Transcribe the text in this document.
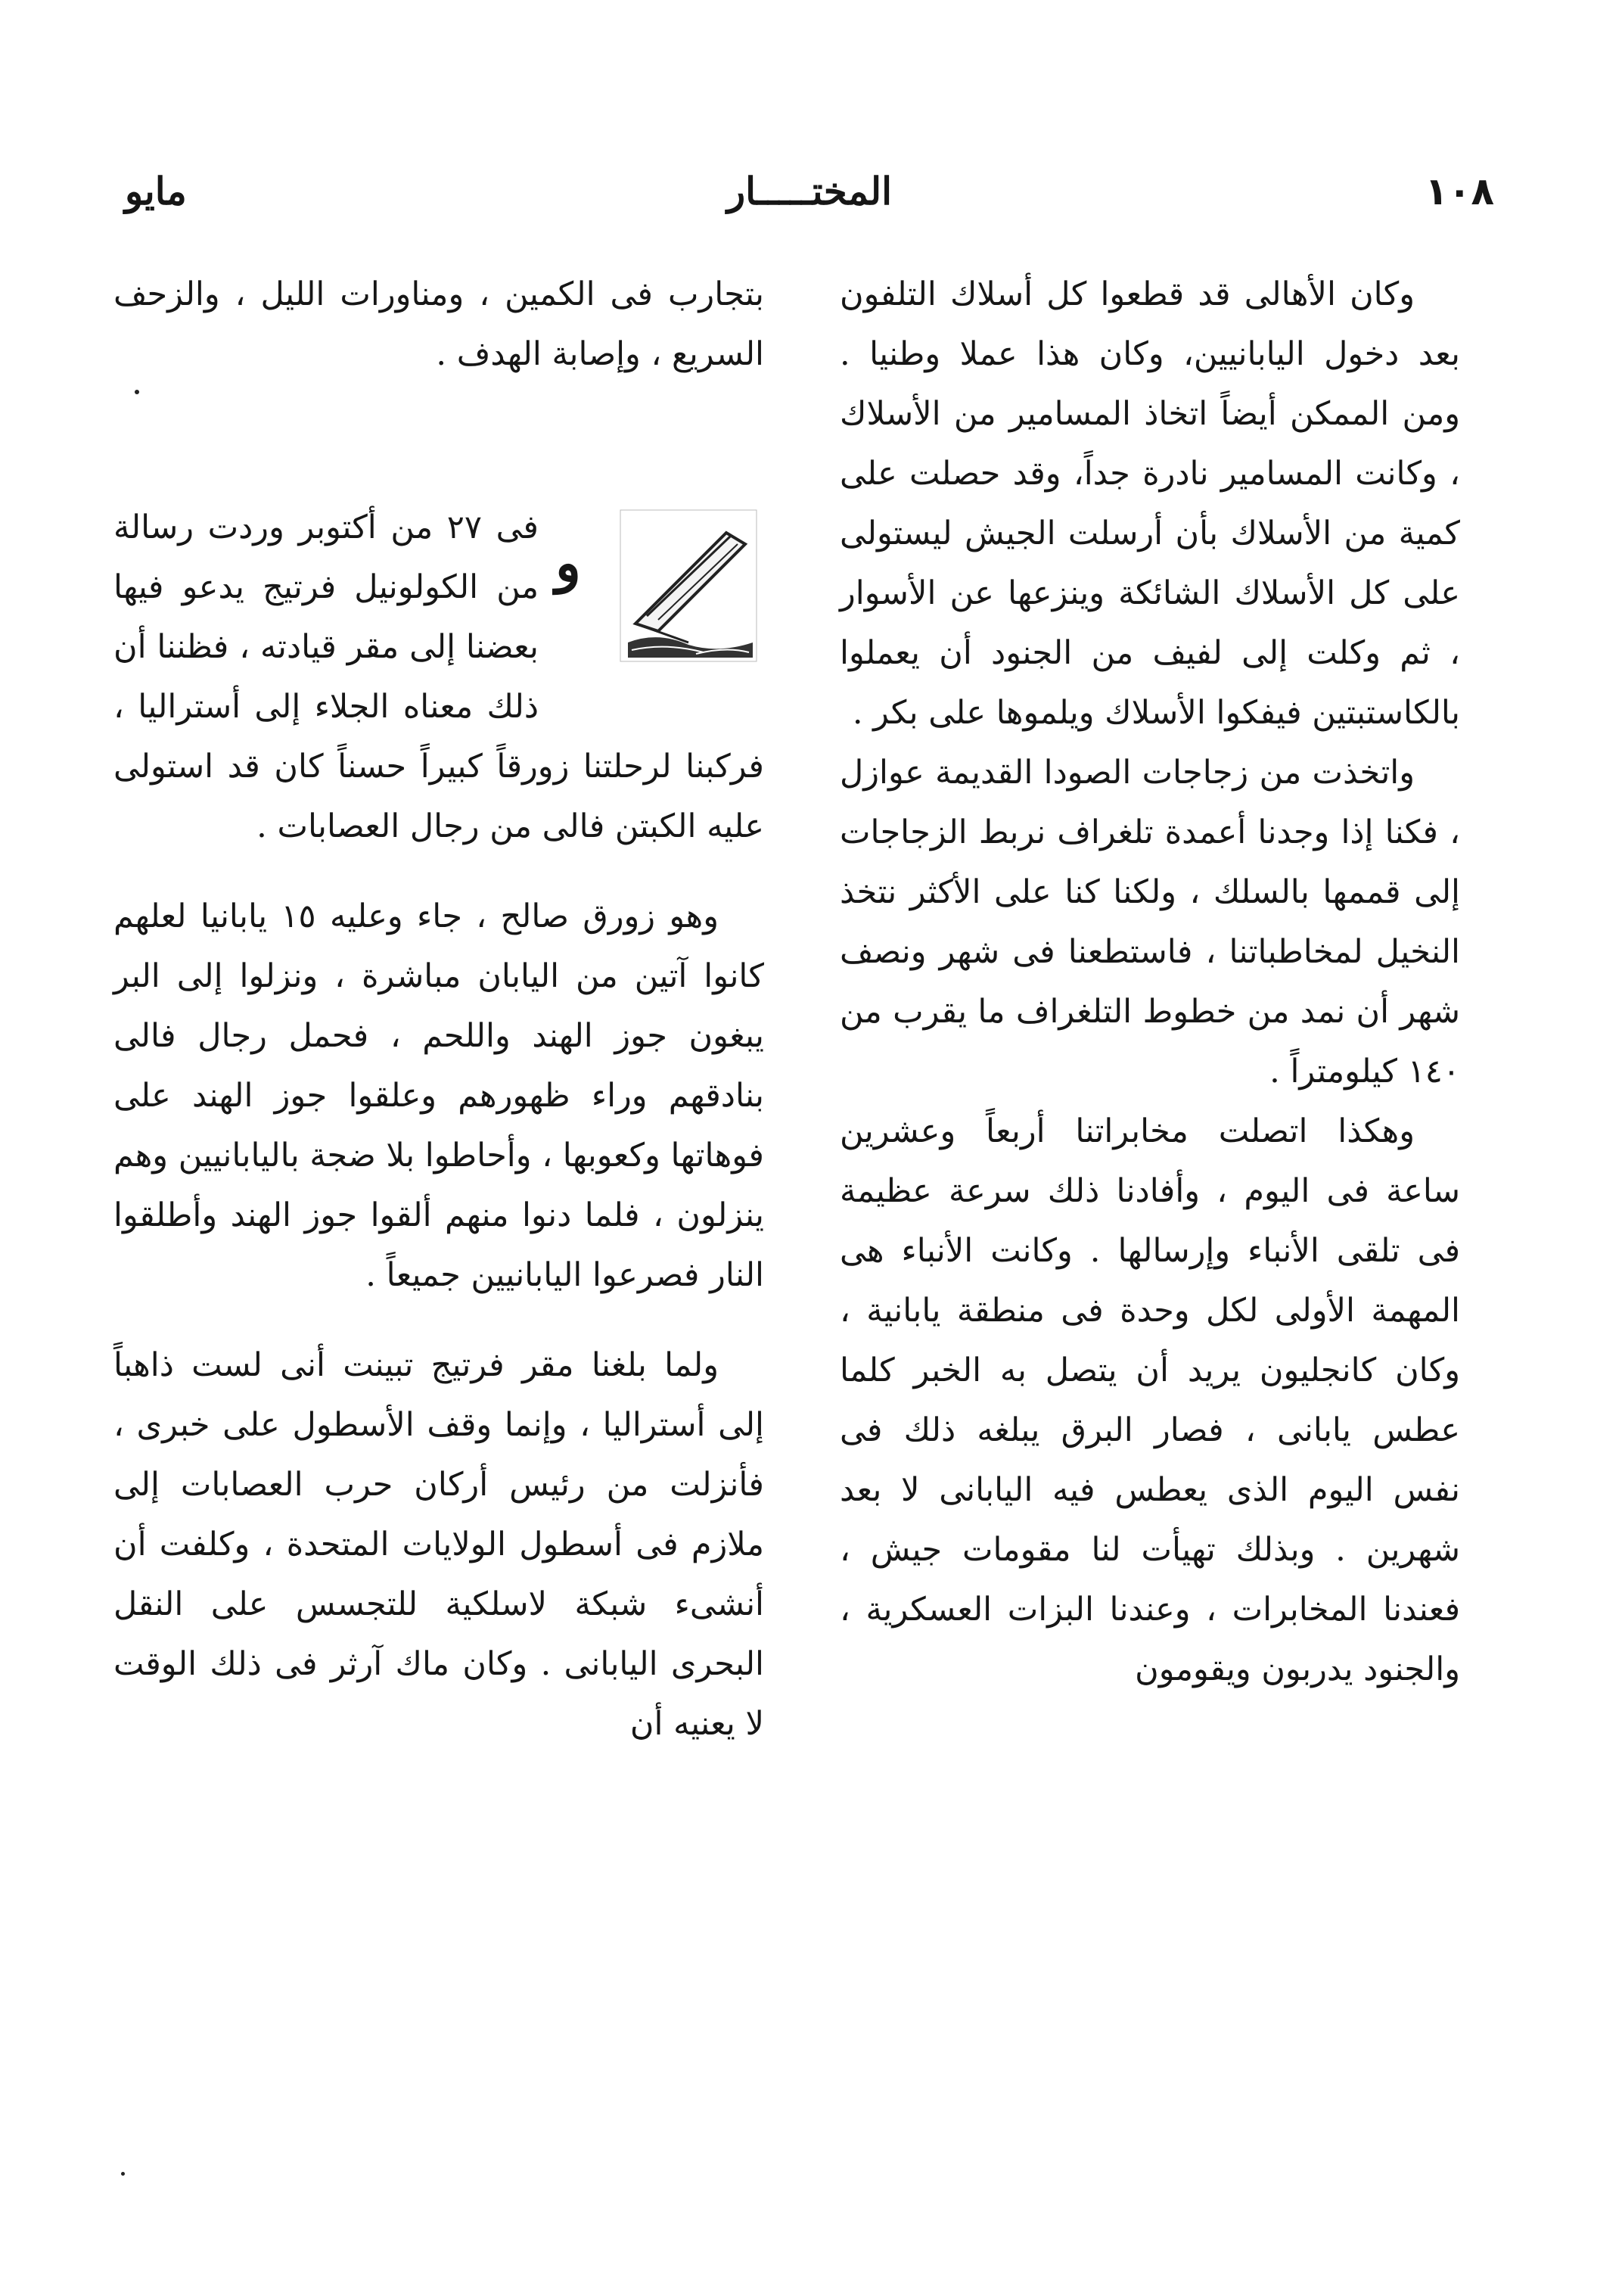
مايو	المختـــــار	١٠٨

وكان الأهالى قد قطعوا كل أسلاك التلفون بعد دخول اليابانيين، وكان هذا عملا وطنيا . ومن الممكن أيضاً اتخاذ المسامير من الأسلاك ، وكانت المسامير نادرة جداً، وقد حصلت على كمية من الأسلاك بأن أرسلت الجيش ليستولى على كل الأسلاك الشائكة وينزعها عن الأسوار ، ثم وكلت إلى لفيف من الجنود أن يعملوا بالكاستبتين فيفكوا الأسلاك ويلموها على بكر .

واتخذت من زجاجات الصودا القديمة عوازل ، فكنا إذا وجدنا أعمدة تلغراف نربط الزجاجات إلى قممها بالسلك ، ولكنا كنا على الأكثر نتخذ النخيل لمخاطباتنا ، فاستطعنا فى شهر ونصف شهر أن نمد من خطوط التلغراف ما يقرب من ١٤٠ كيلومتراً .

وهكذا اتصلت مخابراتنا أربعاً وعشرين ساعة فى اليوم ، وأفادنا ذلك سرعة عظيمة فى تلقى الأنباء وإرسالها . وكانت الأنباء هى المهمة الأولى لكل وحدة فى منطقة يابانية ، وكان كانجليون يريد أن يتصل به الخبر كلما عطس يابانى ، فصار البرق يبلغه ذلك فى نفس اليوم الذى يعطس فيه اليابانى لا بعد شهرين . وبذلك تهيأت لنا مقومات جيش ، فعندنا المخابرات ، وعندنا البزات العسكرية ، والجنود يدربون ويقومون

بتجارب فى الكمين ، ومناورات الليل ، والزحف السريع ، وإصابة الهدف .

و

فى ٢٧ من أكتوبر وردت رسالة من الكولونيل فرتيج يدعو فيها بعضنا إلى مقر قيادته ، فظننا أن ذلك معناه الجلاء إلى أستراليا ، فركبنا لرحلتنا زورقاً كبيراً حسناً كان قد استولى عليه الكبتن فالى من رجال العصابات .

وهو زورق صالح ، جاء وعليه ١٥ يابانيا لعلهم كانوا آتين من اليابان مباشرة ، ونزلوا إلى البر يبغون جوز الهند واللحم ، فحمل رجال فالى بنادقهم وراء ظهورهم وعلقوا جوز الهند على فوهاتها وكعوبها ، وأحاطوا بلا ضجة باليابانيين وهم ينزلون ، فلما دنوا منهم ألقوا جوز الهند وأطلقوا النار فصرعوا اليابانيين جميعاً .

ولما بلغنا مقر فرتيج تبينت أنى لست ذاهباً إلى أستراليا ، وإنما وقف الأسطول على خبرى ، فأنزلت من رئيس أركان حرب العصابات إلى ملازم فى أسطول الولايات المتحدة ، وكلفت أن أنشىء شبكة لاسلكية للتجسس على النقل البحرى اليابانى . وكان ماك آرثر فى ذلك الوقت لا يعنيه أن
